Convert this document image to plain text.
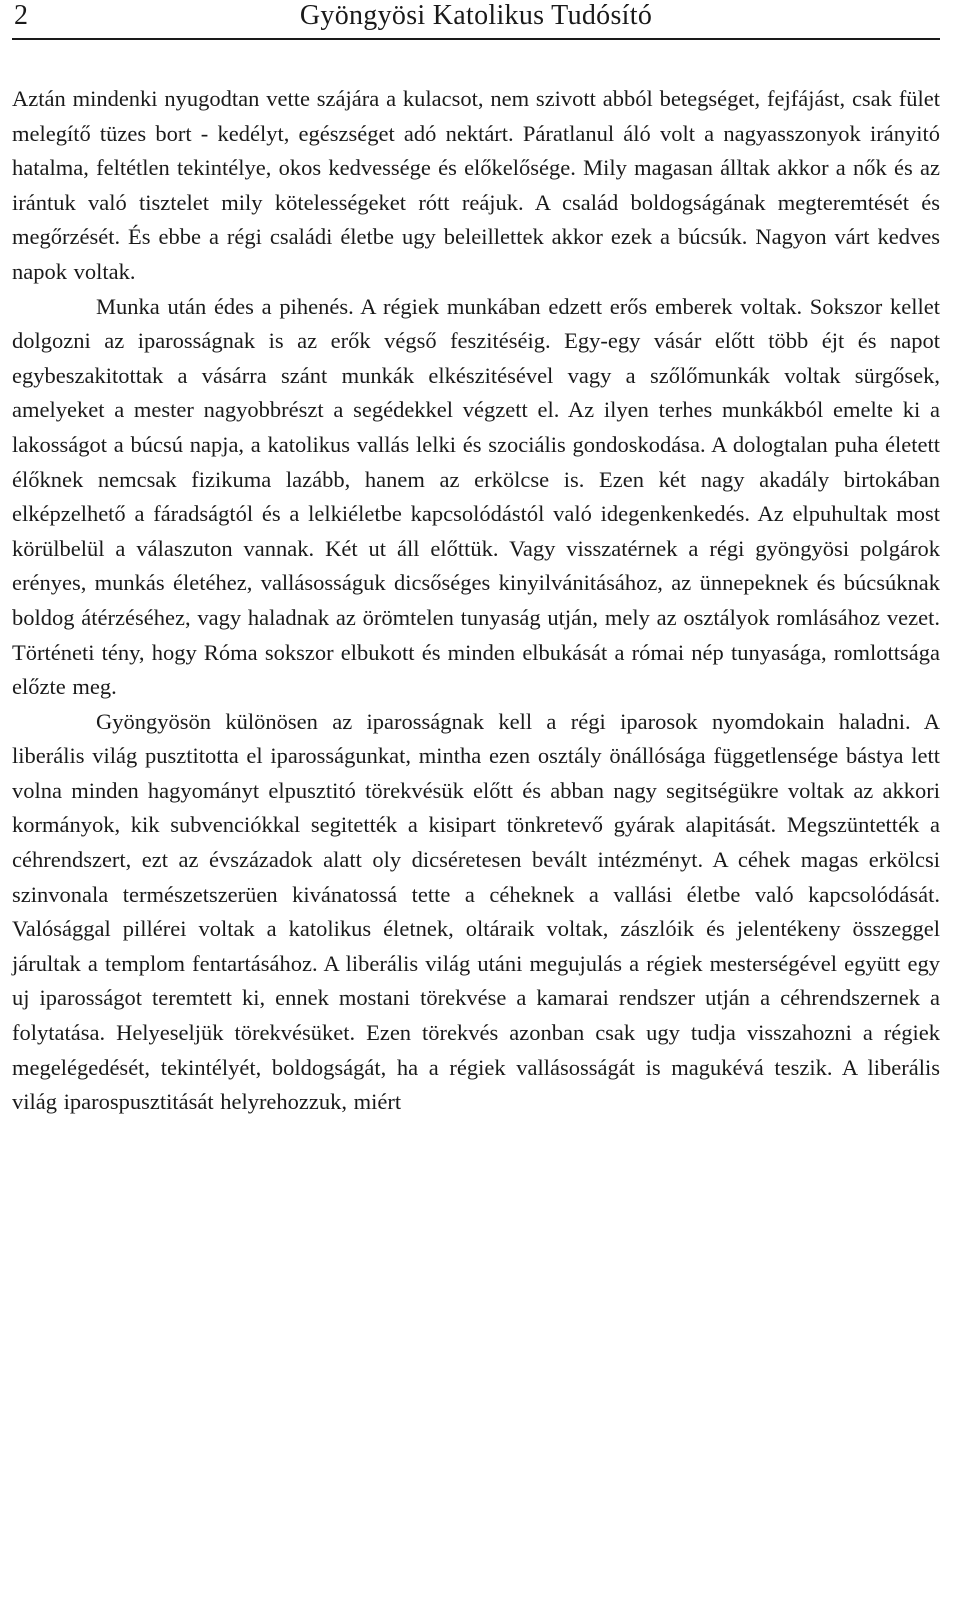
2	Gyöngyösi Katolikus Tudósító

Aztán mindenki nyugodtan vette szájára a kulacsot, nem szivott abból betegséget, fejfájást, csak fület melegítő tüzes bort - kedélyt, egészséget adó nektárt. Páratlanul áló volt a nagyasszonyok irányitó hatalma, feltétlen tekintélye, okos kedvessége és előkelősége. Mily magasan álltak akkor a nők és az irántuk való tisztelet mily kötelességeket rótt reájuk. A család boldogságának megteremtését és megőrzését. És ebbe a régi családi életbe ugy beleillettek akkor ezek a búcsúk. Nagyon várt kedves napok voltak.

Munka után édes a pihenés. A régiek munkában edzett erős emberek voltak. Sokszor kellet dolgozni az iparosságnak is az erők végső feszitéséig. Egy-egy vásár előtt több éjt és napot egybeszakitottak a vásárra szánt munkák elkészitésével vagy a szőlőmunkák voltak sürgősek, amelyeket a mester nagyobbrészt a segédekkel végzett el. Az ilyen terhes munkákból emelte ki a lakosságot a búcsú napja, a katolikus vallás lelki és szociális gondoskodása. A dologtalan puha életett élőknek nemcsak fizikuma lazább, hanem az erkölcse is. Ezen két nagy akadály birtokában elképzelhető a fáradságtól és a lelkiéletbe kapcsolódástól való idegenkenkedés. Az elpuhultak most körülbelül a válaszuton vannak. Két ut áll előttük. Vagy visszatérnek a régi gyöngyösi polgárok erényes, munkás életéhez, vallásosságuk dicsőséges kinyilvánitásához, az ünnepeknek és búcsúknak boldog átérzéséhez, vagy haladnak az örömtelen tunyaság utján, mely az osztályok romlásához vezet. Történeti tény, hogy Róma sokszor elbukott és minden elbukását a római nép tunyasága, romlottsága előzte meg.

Gyöngyösön különösen az iparosságnak kell a régi iparosok nyomdokain haladni. A liberális világ pusztitotta el iparosságunkat, mintha ezen osztály önállósága függetlensége bástya lett volna minden hagyományt elpusztitó törekvésük előtt és abban nagy segitségükre voltak az akkori kormányok, kik subvenciókkal segitették a kisipart tönkretevő gyárak alapitását. Megszüntették a céhrendszert, ezt az évszázadok alatt oly dicséretesen bevált intézményt. A céhek magas erkölcsi szinvonala természetszerüen kivánatossá tette a céheknek a vallási életbe való kapcsolódását. Valósággal pillérei voltak a katolikus életnek, oltáraik voltak, zászlóik és jelentékeny összeggel járultak a templom fentartásához. A liberális világ utáni megujulás a régiek mesterségével együtt egy uj iparosságot teremtett ki, ennek mostani törekvése a kamarai rendszer utján a céhrendszernek a folytatása. Helyeseljük törekvésüket. Ezen törekvés azonban csak ugy tudja visszahozni a régiek megelégedését, tekintélyét, boldogságát, ha a régiek vallásosságát is magukévá teszik. A liberális világ iparospusztitását helyrehozzuk, miért
